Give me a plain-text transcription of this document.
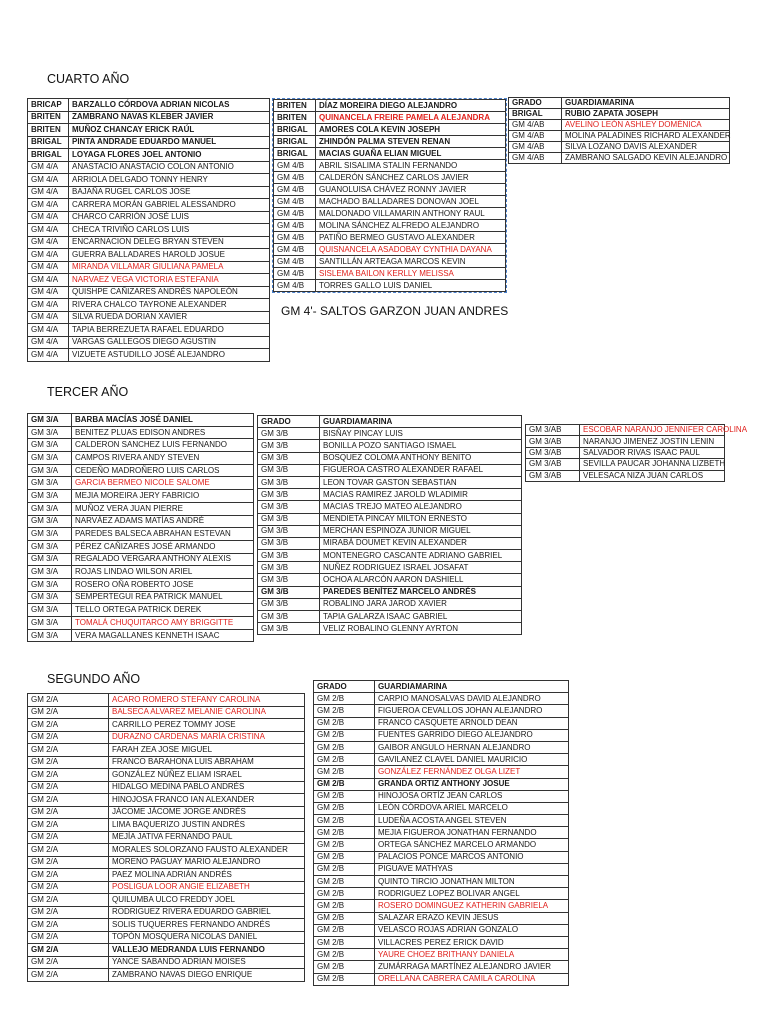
CUARTO AÑO
BRICAP	BARZALLO CÓRDOVA ADRIAN NICOLAS
BRITEN	ZAMBRANO NAVAS KLEBER JAVIER
BRITEN	MUÑOZ CHANCAY ERICK RAÚL
BRIGAL	PINTA ANDRADE EDUARDO MANUEL
BRIGAL	LOYAGA FLORES JOEL ANTONIO
GM 4/A	ANASTACIO ANASTACIO COLON ANTONIO
GM 4/A	ARRIOLA DELGADO TONNY HENRY
GM 4/A	BAJAÑA RUGEL CARLOS JOSE
GM 4/A	CARRERA MORÁN GABRIEL ALESSANDRO
GM 4/A	CHARCO CARRIÓN JOSÉ LUIS
GM 4/A	CHECA TRIVIÑO CARLOS LUIS
GM 4/A	ENCARNACION DELEG BRYAN STEVEN
GM 4/A	GUERRA BALLADARES HAROLD JOSUE
GM 4/A	MIRANDA VILLAMAR GIULIANA PAMELA
GM 4/A	NARVAEZ VEGA VICTORIA ESTEFANIA
GM 4/A	QUISHPE CAÑIZARES ANDRÉS NAPOLEÓN
GM 4/A	RIVERA CHALCO TAYRONE ALEXANDER
GM 4/A	SILVA RUEDA DORIAN XAVIER
GM 4/A	TAPIA BERREZUETA RAFAEL EDUARDO
GM 4/A	VARGAS GALLEGOS DIEGO AGUSTIN
GM 4/A	VIZUETE ASTUDILLO JOSÉ ALEJANDRO
BRITEN	DÍAZ MOREIRA DIEGO ALEJANDRO
BRITEN	QUINANCELA FREIRE PAMELA ALEJANDRA
BRIGAL	AMORES COLA KEVIN JOSEPH
BRIGAL	ZHINDÓN PALMA STEVEN RENAN
BRIGAL	MACIAS GUAÑA ELIAN MIGUEL
GM 4/B	ABRIL SISALIMA STALIN FERNANDO
GM 4/B	CALDERÓN SÁNCHEZ CARLOS JAVIER
GM 4/B	GUANOLUISA CHÁVEZ RONNY JAVIER
GM 4/B	MACHADO BALLADARES DONOVAN JOEL
GM 4/B	MALDONADO VILLAMARIN ANTHONY RAUL
GM 4/B	MOLINA SÁNCHEZ ALFREDO ALEJANDRO
GM 4/B	PATIÑO BERMEO GUSTAVO ALEXANDER
GM 4/B	QUISNANCELA ASADOBAY CYNTHIA DAYANA
GM 4/B	SANTILLÁN ARTEAGA MARCOS KEVIN
GM 4/B	SISLEMA BAILON KERLLY MELISSA
GM 4/B	TORRES GALLO LUIS DANIEL
GRADO	GUARDIAMARINA
BRIGAL	RUBIO ZAPATA JOSEPH
GM 4/AB	AVELINO LEÓN ASHLEY DOMÉNICA
GM 4/AB	MOLINA PALADINES RICHARD ALEXANDER
GM 4/AB	SILVA LOZANO DAVIS ALEXANDER
GM 4/AB	ZAMBRANO SALGADO KEVIN ALEJANDRO

GM 4'- SALTOS GARZON JUAN ANDRES

TERCER AÑO
GM 3/A	BARBA MACÍAS JOSÉ DANIEL
GM 3/A	BENITEZ PLUAS EDISON ANDRES
GM 3/A	CALDERON SANCHEZ LUIS FERNANDO
GM 3/A	CAMPOS RIVERA ANDY STEVEN
GM 3/A	CEDEÑO MADROÑERO LUIS CARLOS
GM 3/A	GARCIA BERMEO NICOLE SALOME
GM 3/A	MEJIA MOREIRA JERY FABRICIO
GM 3/A	MUÑOZ VERA JUAN PIERRE
GM 3/A	NARVÁEZ ADAMS MATÍAS ANDRÉ
GM 3/A	PAREDES BALSECA ABRAHAN ESTEVAN
GM 3/A	PÉREZ CAÑIZARES JOSÉ ARMANDO
GM 3/A	REGALADO VERGARA ANTHONY ALEXIS
GM 3/A	ROJAS LINDAO WILSON ARIEL
GM 3/A	ROSERO OÑA ROBERTO JOSE
GM 3/A	SEMPERTEGUI REA PATRICK MANUEL
GM 3/A	TELLO ORTEGA PATRICK DEREK
GM 3/A	TOMALÁ CHUQUITARCO AMY BRIGGITTE
GM 3/A	VERA MAGALLANES KENNETH ISAAC
GRADO	GUARDIAMARINA
GM 3/B	BISÑAY PINCAY LUIS
GM 3/B	BONILLA POZO SANTIAGO ISMAEL
GM 3/B	BOSQUEZ COLOMA ANTHONY BENITO
GM 3/B	FIGUEROA CASTRO ALEXANDER RAFAEL
GM 3/B	LEON TOVAR GASTON SEBASTIAN
GM 3/B	MACIAS RAMIREZ JAROLD WLADIMIR
GM 3/B	MACIAS TREJO MATEO ALEJANDRO
GM 3/B	MENDIETA PINCAY MILTON ERNESTO
GM 3/B	MERCHAN ESPINOZA JUNIOR MIGUEL
GM 3/B	MIRABÁ DOUMET KEVIN ALEXANDER
GM 3/B	MONTENEGRO CASCANTE ADRIANO GABRIEL
GM 3/B	NUÑEZ RODRIGUEZ ISRAEL JOSAFAT
GM 3/B	OCHOA ALARCÓN AARON DASHIELL
GM 3/B	PAREDES BENÍTEZ MARCELO ANDRÉS
GM 3/B	ROBALINO JARA JAROD XAVIER
GM 3/B	TAPIA GALARZA ISAAC GABRIEL
GM 3/B	VELIZ ROBALINO GLENNY AYRTON
GM 3/AB	ESCOBAR NARANJO JENNIFER CAROLINA
GM 3/AB	NARANJO JIMENEZ JOSTIN LENIN
GM 3/AB	SALVADOR RIVAS ISAAC PAUL
GM 3/AB	SEVILLA PAUCAR JOHANNA LIZBETH
GM 3/AB	VELESACA NIZA JUAN CARLOS
SEGUNDO AÑO
GM 2/A	ACARO ROMERO STEFANY CAROLINA
GM 2/A	BALSECA ALVAREZ MELANIE CAROLINA
GM 2/A	CARRILLO PEREZ TOMMY JOSE
GM 2/A	DURAZNO CÁRDENAS MARÍA CRISTINA
GM 2/A	FARAH ZEA JOSE MIGUEL
GM 2/A	FRANCO BARAHONA LUIS ABRAHAM
GM 2/A	GONZÁLEZ NÚÑEZ ELIAM ISRAEL
GM 2/A	HIDALGO MEDINA PABLO ANDRÉS
GM 2/A	HINOJOSA FRANCO IAN ALEXANDER
GM 2/A	JÁCOME JÁCOME JORGE ANDRÉS
GM 2/A	LIMA BAQUERIZO JUSTIN ANDRÉS
GM 2/A	MEJÍA JATIVA FERNANDO PAUL
GM 2/A	MORALES SOLORZANO FAUSTO ALEXANDER
GM 2/A	MORENO PAGUAY MARIO ALEJANDRO
GM 2/A	PAEZ MOLINA ADRIÁN ANDRÉS
GM 2/A	POSLIGUA LOOR ANGIE ELIZABETH
GM 2/A	QUILUMBA ULCO FREDDY JOEL
GM 2/A	RODRIGUEZ RIVERA EDUARDO GABRIEL
GM 2/A	SOLIS TUQUERRES FERNANDO ANDRÉS
GM 2/A	TOPÓN MOSQUERA NICOLAS DANIEL
GM 2/A	VALLEJO MEDRANDA LUIS FERNANDO
GM 2/A	YANCE SABANDO ADRIAN MOISES
GM 2/A	ZAMBRANO NAVAS DIEGO ENRIQUE
GRADO	GUARDIAMARINA
GM 2/B	CARPIO MANOSALVAS DAVID ALEJANDRO
GM 2/B	FIGUEROA CEVALLOS JOHAN ALEJANDRO
GM 2/B	FRANCO CASQUETE ARNOLD DEAN
GM 2/B	FUENTES GARRIDO DIEGO ALEJANDRO
GM 2/B	GAIBOR ANGULO HERNAN ALEJANDRO
GM 2/B	GAVILANEZ CLAVEL DANIEL MAURICIO
GM 2/B	GONZÁLEZ FERNÁNDEZ OLGA LIZET
GM 2/B	GRANDA ORTIZ ANTHONY JOSUE
GM 2/B	HINOJOSA ORTÍZ JEAN CARLOS
GM 2/B	LEÓN CÓRDOVA ARIEL MARCELO
GM 2/B	LUDEÑA ACOSTA ANGEL STEVEN
GM 2/B	MEJIA FIGUEROA JONATHAN FERNANDO
GM 2/B	ORTEGA SÁNCHEZ MARCELO ARMANDO
GM 2/B	PALACIOS PONCE MARCOS ANTONIO
GM 2/B	PIGUAVE MATHYAS
GM 2/B	QUINTO TIRCIO JONATHAN MILTON
GM 2/B	RODRIGUEZ LOPEZ BOLIVAR ANGEL
GM 2/B	ROSERO DOMINGUEZ KATHERIN GABRIELA
GM 2/B	SALAZAR ERAZO KEVIN JESUS
GM 2/B	VELASCO ROJAS ADRIAN GONZALO
GM 2/B	VILLACRES PEREZ ERICK DAVID
GM 2/B	YAURE CHOEZ BRITHANY DANIELA
GM 2/B	ZUMÁRRAGA MARTÍNEZ ALEJANDRO JAVIER
GM 2/B	ORELLANA CABRERA CAMILA CAROLINA
